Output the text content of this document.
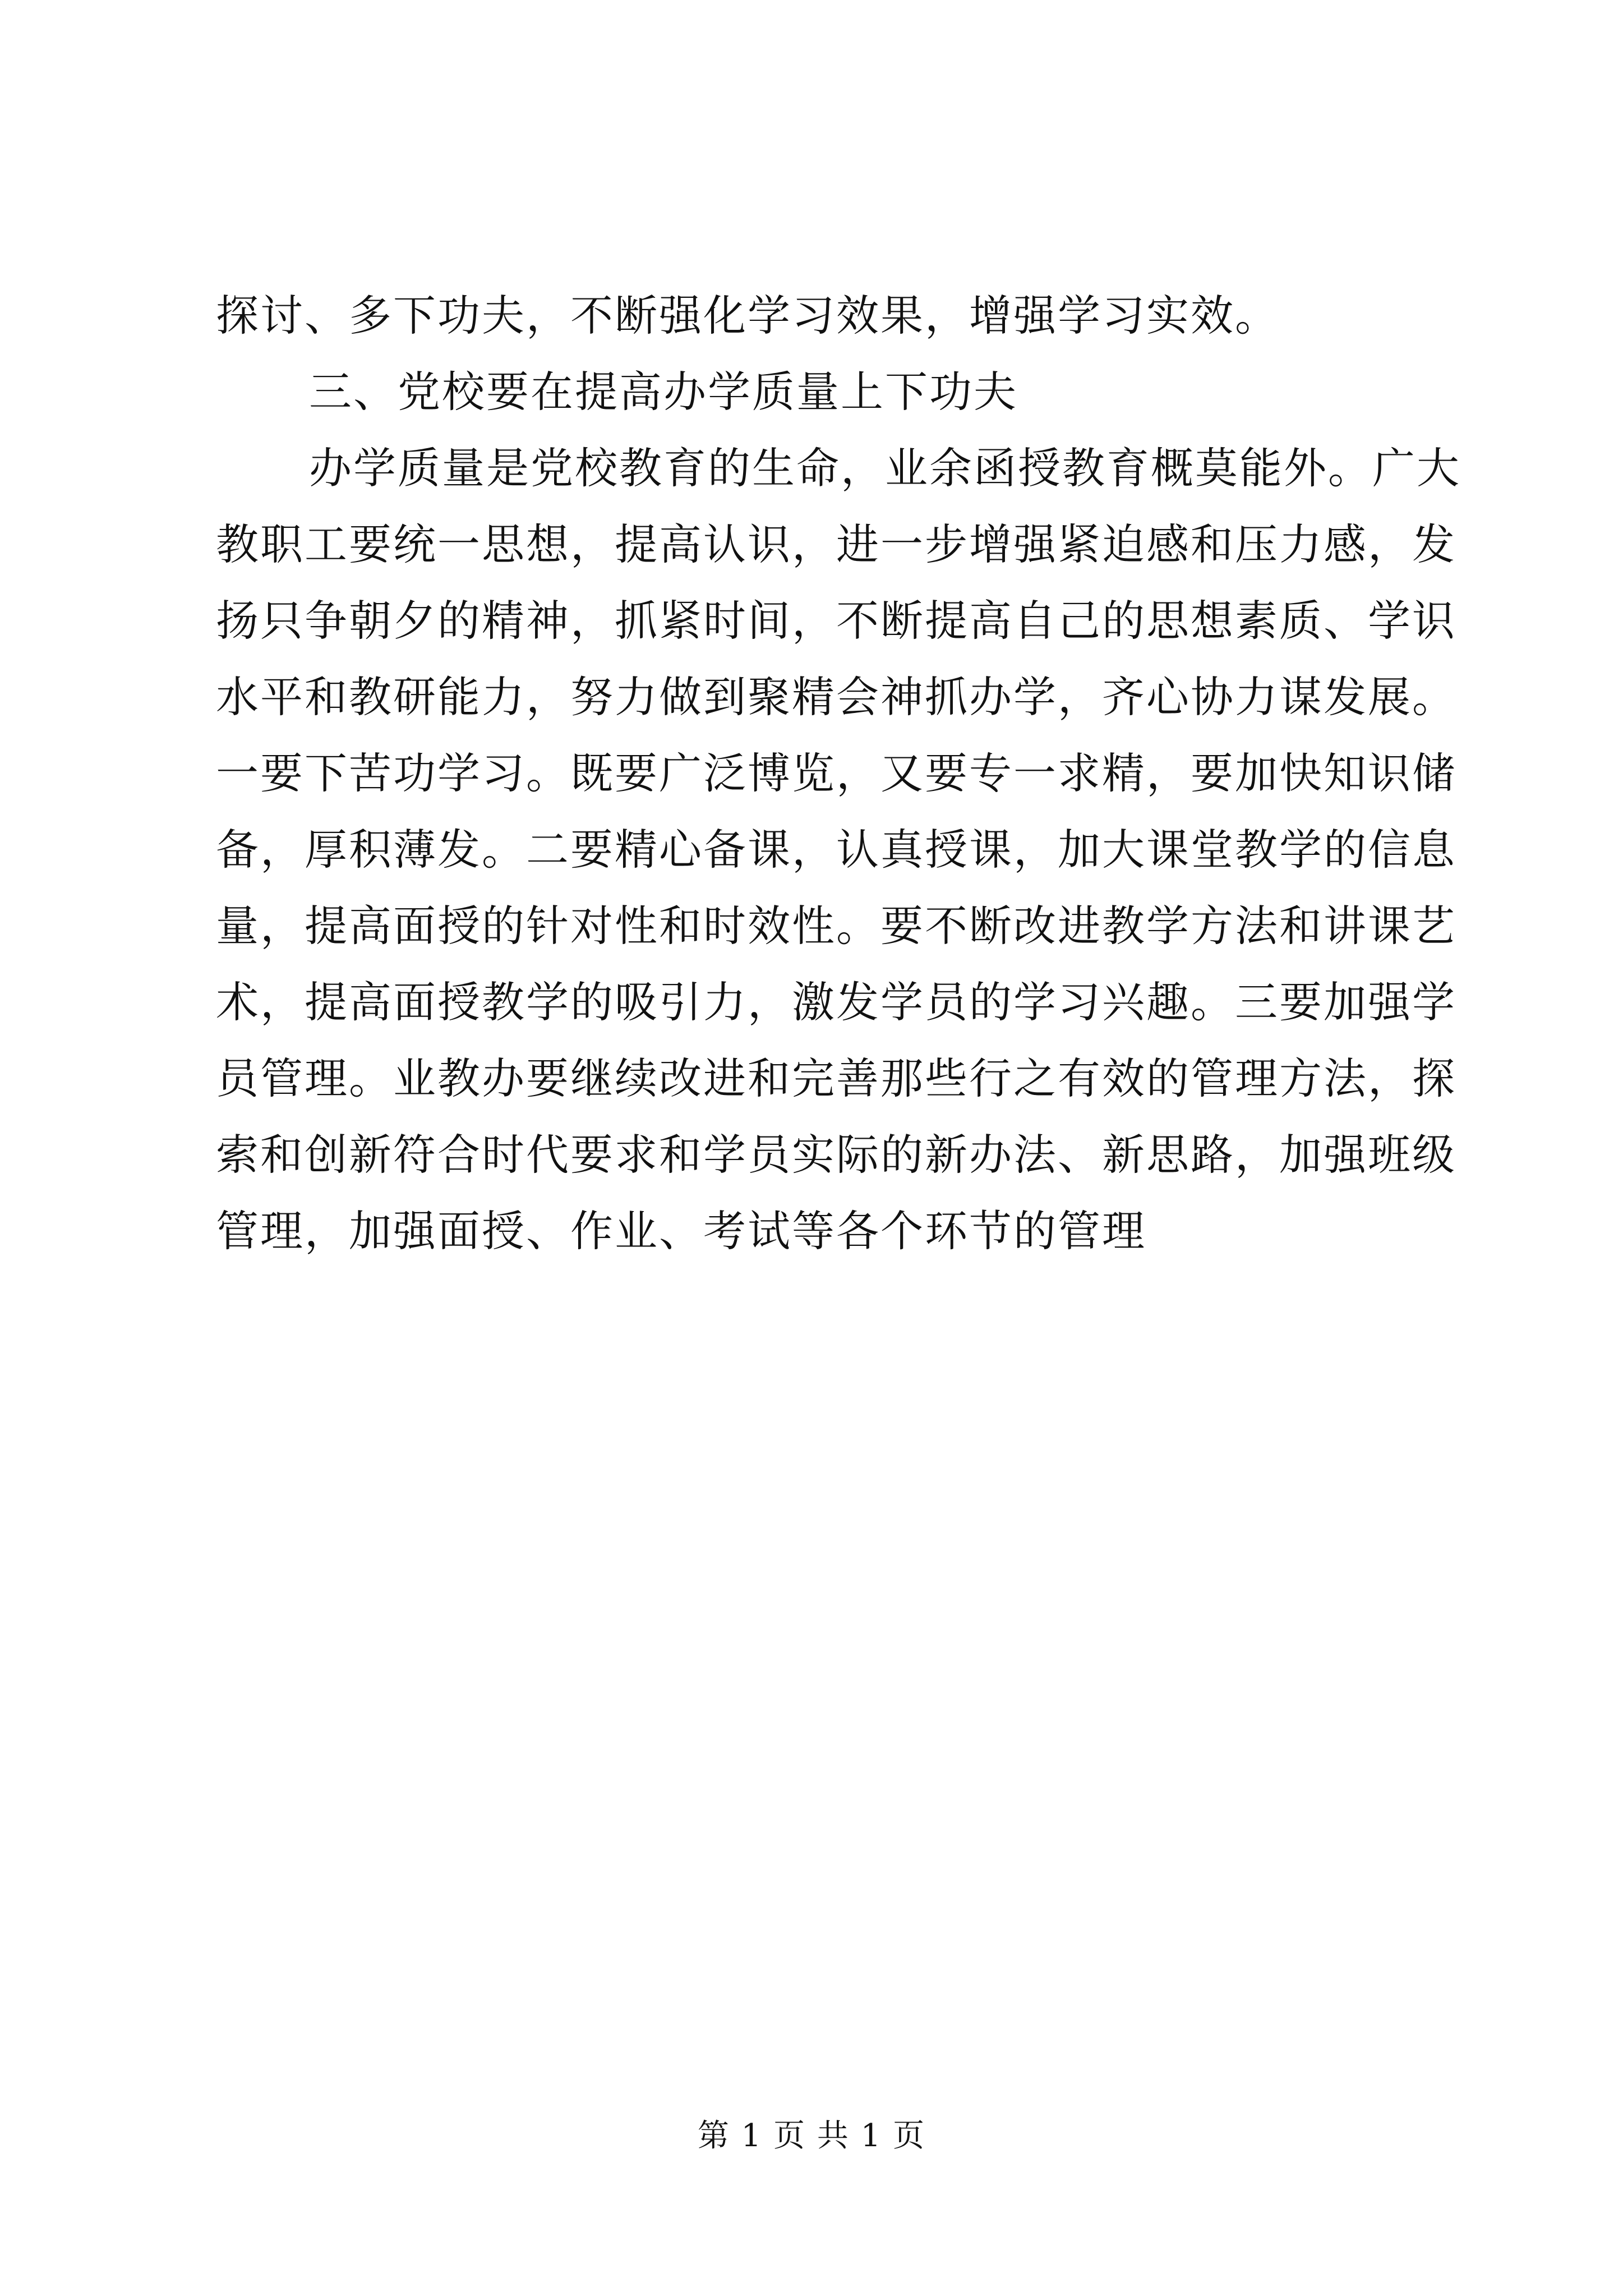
探讨、多下功夫，不断强化学习效果，增强学习实效。
三、党校要在提高办学质量上下功夫
办学质量是党校教育的生命，业余函授教育概莫能外。广大
教职工要统一思想，提高认识，进一步增强紧迫感和压力感，发
扬只争朝夕的精神，抓紧时间，不断提高自己的思想素质、学识
水平和教研能力，努力做到聚精会神抓办学，齐心协力谋发展。
一要下苦功学习。既要广泛博览，又要专一求精，要加快知识储
备，厚积薄发。二要精心备课，认真授课，加大课堂教学的信息
量，提高面授的针对性和时效性。要不断改进教学方法和讲课艺
术，提高面授教学的吸引力，激发学员的学习兴趣。三要加强学
员管理。业教办要继续改进和完善那些行之有效的管理方法，探
索和创新符合时代要求和学员实际的新办法、新思路，加强班级
管理，加强面授、作业、考试等各个环节的管理
第 1 页 共 1 页
